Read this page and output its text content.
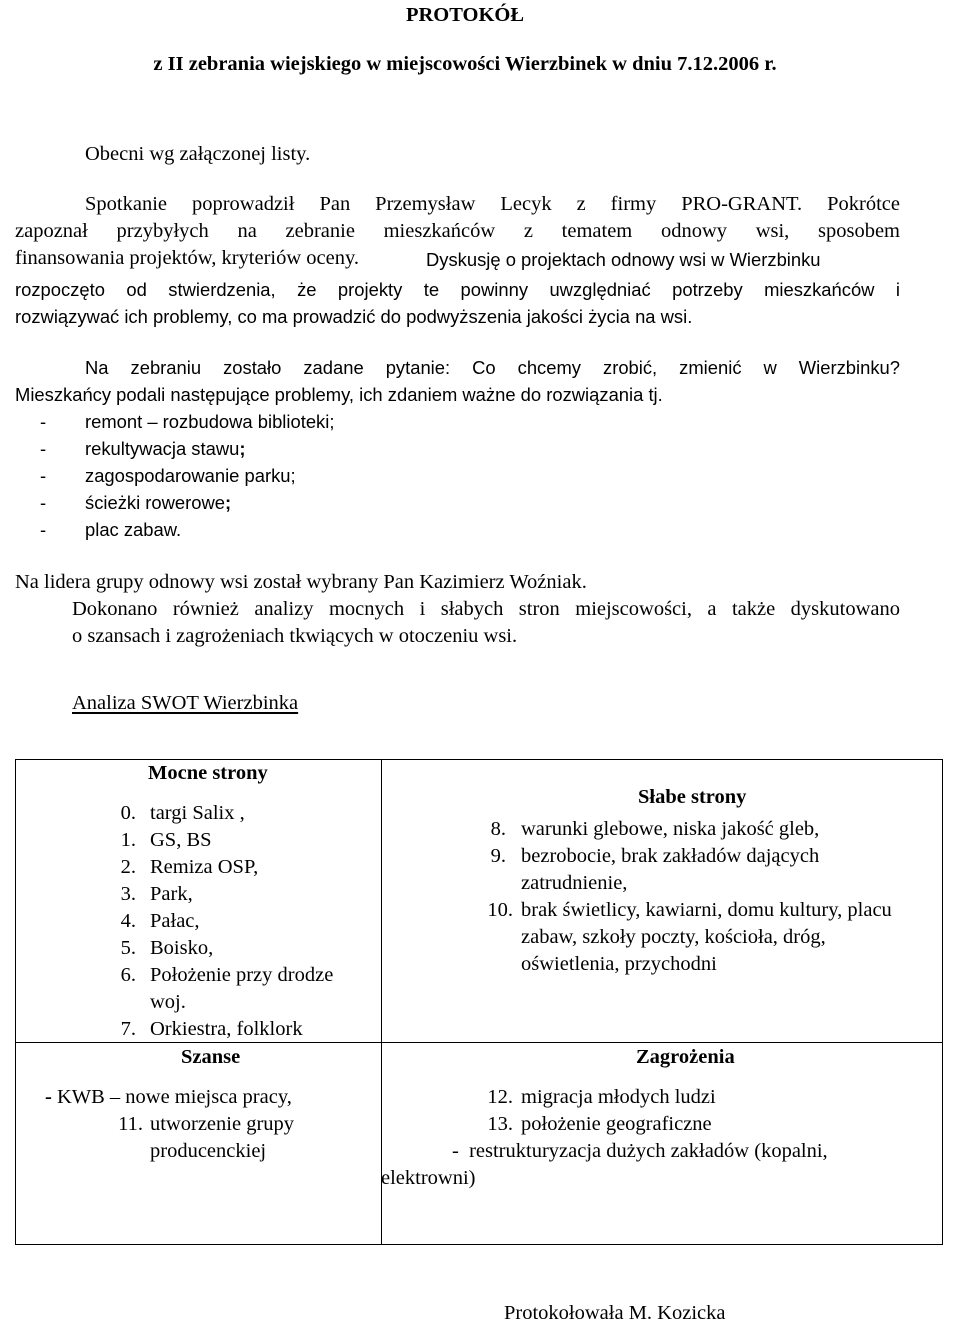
PROTOKÓŁ
z II zebrania wiejskiego w miejscowości Wierzbinek w dniu 7.12.2006 r.
Obecni wg załączonej listy.
Spotkanie poprowadził Pan Przemysław Lecyk z firmy PRO-GRANT. Pokrótce
zapoznał przybyłych na zebranie mieszkańców z tematem odnowy wsi, sposobem
finansowania projektów, kryteriów oceny.	Dyskusję o projektach odnowy wsi w Wierzbinku
rozpoczęto od stwierdzenia, że projekty te powinny uwzględniać potrzeby mieszkańców i
rozwiązywać ich problemy, co ma prowadzić do podwyższenia jakości życia na wsi.
Na zebraniu zostało zadane pytanie: Co chcemy zrobić, zmienić w Wierzbinku?
Mieszkańcy podali następujące problemy, ich zdaniem ważne do rozwiązania tj.
- remont – rozbudowa biblioteki;
- rekultywacja stawu;
- zagospodarowanie parku;
- ścieżki rowerowe;
- plac zabaw.
Na lidera grupy odnowy wsi został wybrany Pan Kazimierz Woźniak.
Dokonano również analizy mocnych i słabych stron miejscowości, a także dyskutowano
o szansach i zagrożeniach tkwiących w otoczeniu wsi.
Analiza SWOT Wierzbinka
Mocne strony
0. targi Salix ,
1. GS, BS
2. Remiza OSP,
3. Park,
4. Pałac,
5. Boisko,
6. Położenie przy drodze
woj.
7. Orkiestra, folklork
Słabe strony
8. warunki glebowe, niska jakość gleb,
9. bezrobocie, brak zakładów dających
zatrudnienie,
10. brak świetlicy, kawiarni, domu kultury, placu
zabaw, szkoły poczty, kościoła, dróg,
oświetlenia, przychodni
Szanse
- KWB – nowe miejsca pracy,
11. utworzenie grupy
producenckiej
Zagrożenia
12. migracja młodych ludzi
13. położenie geograficzne
- restrukturyzacja dużych zakładów (kopalni,
elektrowni)
Protokołowała M. Kozicka
